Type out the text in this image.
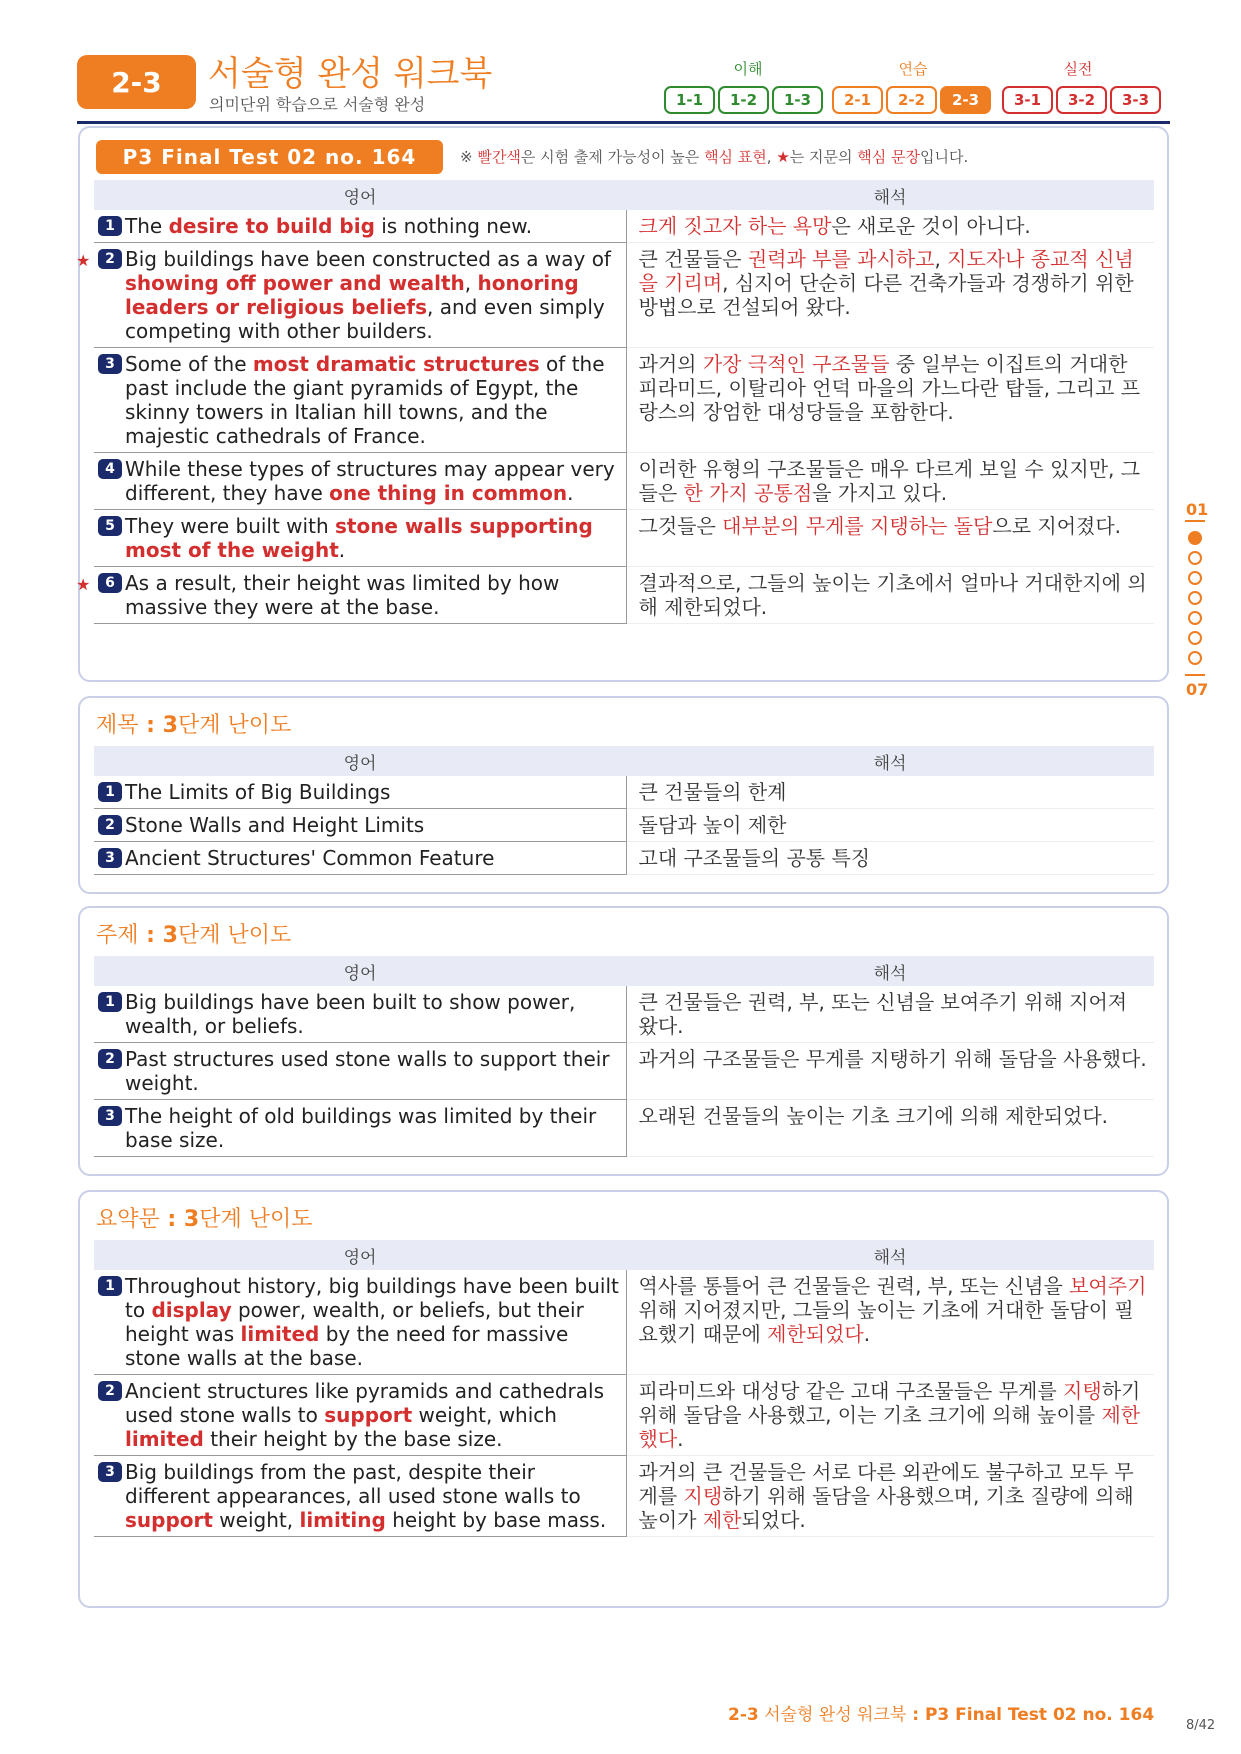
2-3	서술형 완성 워크북
의미단위 학습으로 서술형 완성
이해	연습	실전
1-1	1-2	1-3	2-1	2-2	2-3	3-1	3-2	3-3
P3 Final Test 02 no. 164	※ 빨간색은 시험 출제 가능성이 높은 핵심 표현, ★는 지문의 핵심 문장입니다.
영어	해석

1 The desire to build big is nothing new.	크게 짓고자 하는 욕망은 새로운 것이 아니다.

★ 2 Big buildings have been constructed as a way of showing off power and wealth, honoring leaders or religious beliefs, and even simply competing with other builders.	큰 건물들은 권력과 부를 과시하고, 지도자나 종교적 신념을 기리며, 심지어 단순히 다른 건축가들과 경쟁하기 위한 방법으로 건설되어 왔다.

3 Some of the most dramatic structures of the past include the giant pyramids of Egypt, the skinny towers in Italian hill towns, and the majestic cathedrals of France.	과거의 가장 극적인 구조물들 중 일부는 이집트의 거대한 피라미드, 이탈리아 언덕 마을의 가느다란 탑들, 그리고 프랑스의 장엄한 대성당들을 포함한다.

4 While these types of structures may appear very different, they have one thing in common.	이러한 유형의 구조물들은 매우 다르게 보일 수 있지만, 그들은 한 가지 공통점을 가지고 있다.

5 They were built with stone walls supporting most of the weight.	그것들은 대부분의 무게를 지탱하는 돌담으로 지어졌다.

★ 6 As a result, their height was limited by how massive they were at the base.	결과적으로, 그들의 높이는 기초에서 얼마나 거대한지에 의해 제한되었다.
제목 : 3단계 난이도
영어	해석

1 The Limits of Big Buildings	큰 건물들의 한계

2 Stone Walls and Height Limits	돌담과 높이 제한

3 Ancient Structures' Common Feature	고대 구조물들의 공통 특징
주제 : 3단계 난이도
영어	해석

1 Big buildings have been built to show power, wealth, or beliefs.	큰 건물들은 권력, 부, 또는 신념을 보여주기 위해 지어져 왔다.

2 Past structures used stone walls to support their weight.	과거의 구조물들은 무게를 지탱하기 위해 돌담을 사용했다.

3 The height of old buildings was limited by their base size.	오래된 건물들의 높이는 기초 크기에 의해 제한되었다.
요약문 : 3단계 난이도
영어	해석

1 Throughout history, big buildings have been built to display power, wealth, or beliefs, but their height was limited by the need for massive stone walls at the base.	역사를 통틀어 큰 건물들은 권력, 부, 또는 신념을 보여주기 위해 지어졌지만, 그들의 높이는 기초에 거대한 돌담이 필요했기 때문에 제한되었다.

2 Ancient structures like pyramids and cathedrals used stone walls to support weight, which limited their height by the base size.	피라미드와 대성당 같은 고대 구조물들은 무게를 지탱하기 위해 돌담을 사용했고, 이는 기초 크기에 의해 높이를 제한했다.

3 Big buildings from the past, despite their different appearances, all used stone walls to support weight, limiting height by base mass.	과거의 큰 건물들은 서로 다른 외관에도 불구하고 모두 무게를 지탱하기 위해 돌담을 사용했으며, 기초 질량에 의해 높이가 제한되었다.
01
07
2-3 서술형 완성 워크북 : P3 Final Test 02 no. 164
8/42
